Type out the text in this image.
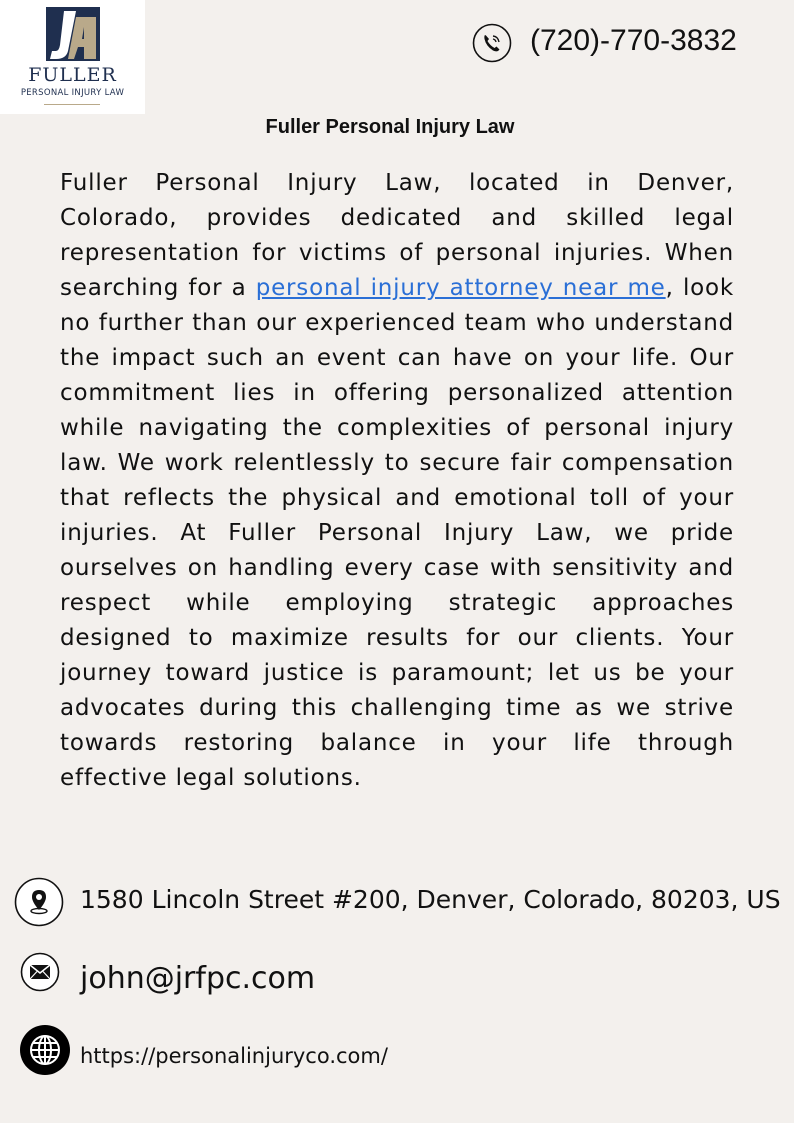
FULLER
PERSONAL INJURY LAW
(720)-770-3832
Fuller Personal Injury Law

Fuller Personal Injury Law, located in Denver, Colorado, provides dedicated and skilled legal representation for victims of personal injuries. When searching for a personal injury attorney near me, look no further than our experienced team who understand the impact such an event can have on your life. Our commitment lies in offering personalized attention while navigating the complexities of personal injury law. We work relentlessly to secure fair compensation that reflects the physical and emotional toll of your injuries. At Fuller Personal Injury Law, we pride ourselves on handling every case with sensitivity and respect while employing strategic approaches designed to maximize results for our clients. Your journey toward justice is paramount; let us be your advocates during this challenging time as we strive towards restoring balance in your life through effective legal solutions.

1580 Lincoln Street #200, Denver, Colorado, 80203, US
john@jrfpc.com
https://personalinjuryco.com/
